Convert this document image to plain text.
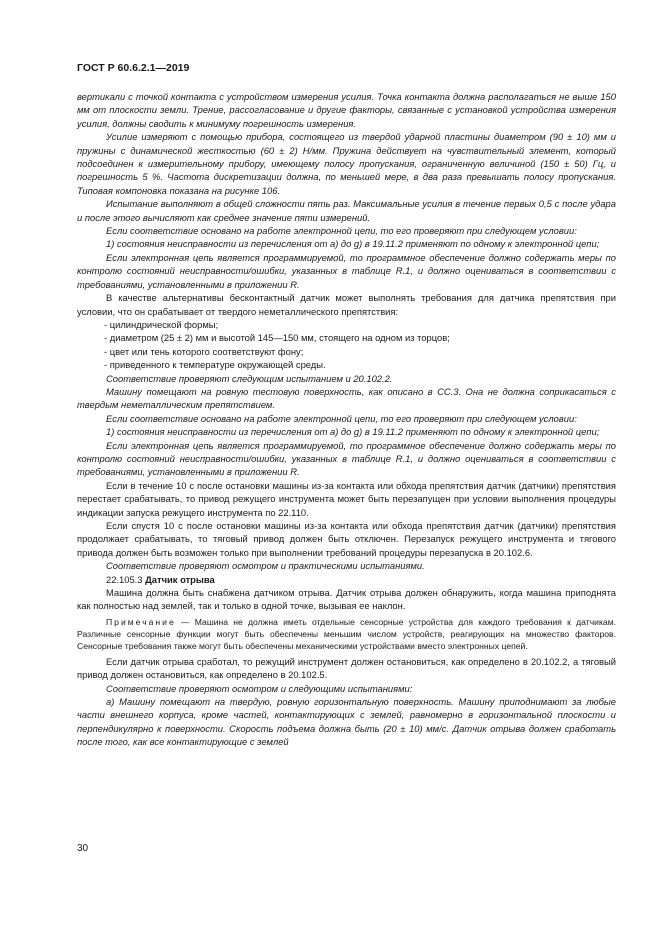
ГОСТ Р 60.6.2.1—2019

вертикали с точкой контакта с устройством измерения усилия. Точка контакта должна располагаться не выше 150 мм от плоскости земли. Трение, рассогласование и другие факторы, связанные с установкой устройства измерения усилия, должны сводить к минимуму погрешность измерения.

Усилие измеряют с помощью прибора, состоящего из твердой ударной пластины диаметром (90 ± 10) мм и пружины с динамической жесткостью (60 ± 2) Н/мм. Пружина действует на чувствительный элемент, который подсоединен к измерительному прибору, имеющему полосу пропускания, ограниченную величиной (150 ± 50) Гц, и погрешность 5 %. Частота дискретизации должна, по меньшей мере, в два раза превышать полосу пропускания. Типовая компоновка показана на рисунке 106.

Испытание выполняют в общей сложности пять раз. Максимальные усилия в течение первых 0,5 с после удара и после этого вычисляют как среднее значение пяти измерений.

Если соответствие основано на работе электронной цепи, то его проверяют при следующем условии:

1) состояния неисправности из перечисления от а) до g) в 19.11.2 применяют по одному к электронной цепи;

Если электронная цепь является программируемой, то программное обеспечение должно содержать меры по контролю состояний неисправности/ошибки, указанных в таблице R.1, и должно оцениваться в соответствии с требованиями, установленными в приложении R.

В качестве альтернативы бесконтактный датчик может выполнять требования для датчика препятствия при условии, что он срабатывает от твердого неметаллического препятствия:

- цилиндрической формы;

- диаметром (25 ± 2) мм и высотой 145—150 мм, стоящего на одном из торцов;

- цвет или тень которого соответствуют фону;

- приведенного к температуре окружающей среды.

Соответствие проверяют следующим испытанием и 20.102.2.

Машину помещают на ровную тестовую поверхность, как описано в СС.3. Она не должна соприкасаться с твердым неметаллическим препятствием.

Если соответствие основано на работе электронной цепи, то его проверяют при следующем условии:

1) состояния неисправности из перечисления от а) до g) в 19.11.2 применяют по одному к электронной цепи;

Если электронная цепь является программируемой, то программное обеспечение должно содержать меры по контролю состояний неисправности/ошибки, указанных в таблице R.1, и должно оцениваться в соответствии с требованиями, установленными в приложении R.

Если в течение 10 с после остановки машины из-за контакта или обхода препятствия датчик (датчики) препятствия перестает срабатывать, то привод режущего инструмента может быть перезапущен при условии выполнения процедуры индикации запуска режущего инструмента по 22.110.

Если спустя 10 с после остановки машины из-за контакта или обхода препятствия датчик (датчики) препятствия продолжает срабатывать, то тяговый привод должен быть отключен. Перезапуск режущего инструмента и тягового привода должен быть возможен только при выполнении требований процедуры перезапуска в 20.102.6.

Соответствие проверяют осмотром и практическими испытаниями.

22.105.3 Датчик отрыва

Машина должна быть снабжена датчиком отрыва. Датчик отрыва должен обнаружить, когда машина приподнята как полностью над землей, так и только в одной точке, вызывая ее наклон.

Примечание — Машина не должна иметь отдельные сенсорные устройства для каждого требования к датчикам. Различные сенсорные функции могут быть обеспечены меньшим числом устройств, реагирующих на множество факторов. Сенсорные требования также могут быть обеспечены механическими устройствами вместо электронных цепей.

Если датчик отрыва сработал, то режущий инструмент должен остановиться, как определено в 20.102.2, а тяговый привод должен остановиться, как определено в 20.102.5.

Соответствие проверяют осмотром и следующими испытаниями:

а) Машину помещают на твердую, ровную горизонтальную поверхность. Машину приподнимают за любые части внешнего корпуса, кроме частей, контактирующих с землей, равномерно в горизонтальной плоскости и перпендикулярно к поверхности. Скорость подъема должна быть (20 ± 10) мм/с. Датчик отрыва должен сработать после того, как все контактирующие с землей

30
